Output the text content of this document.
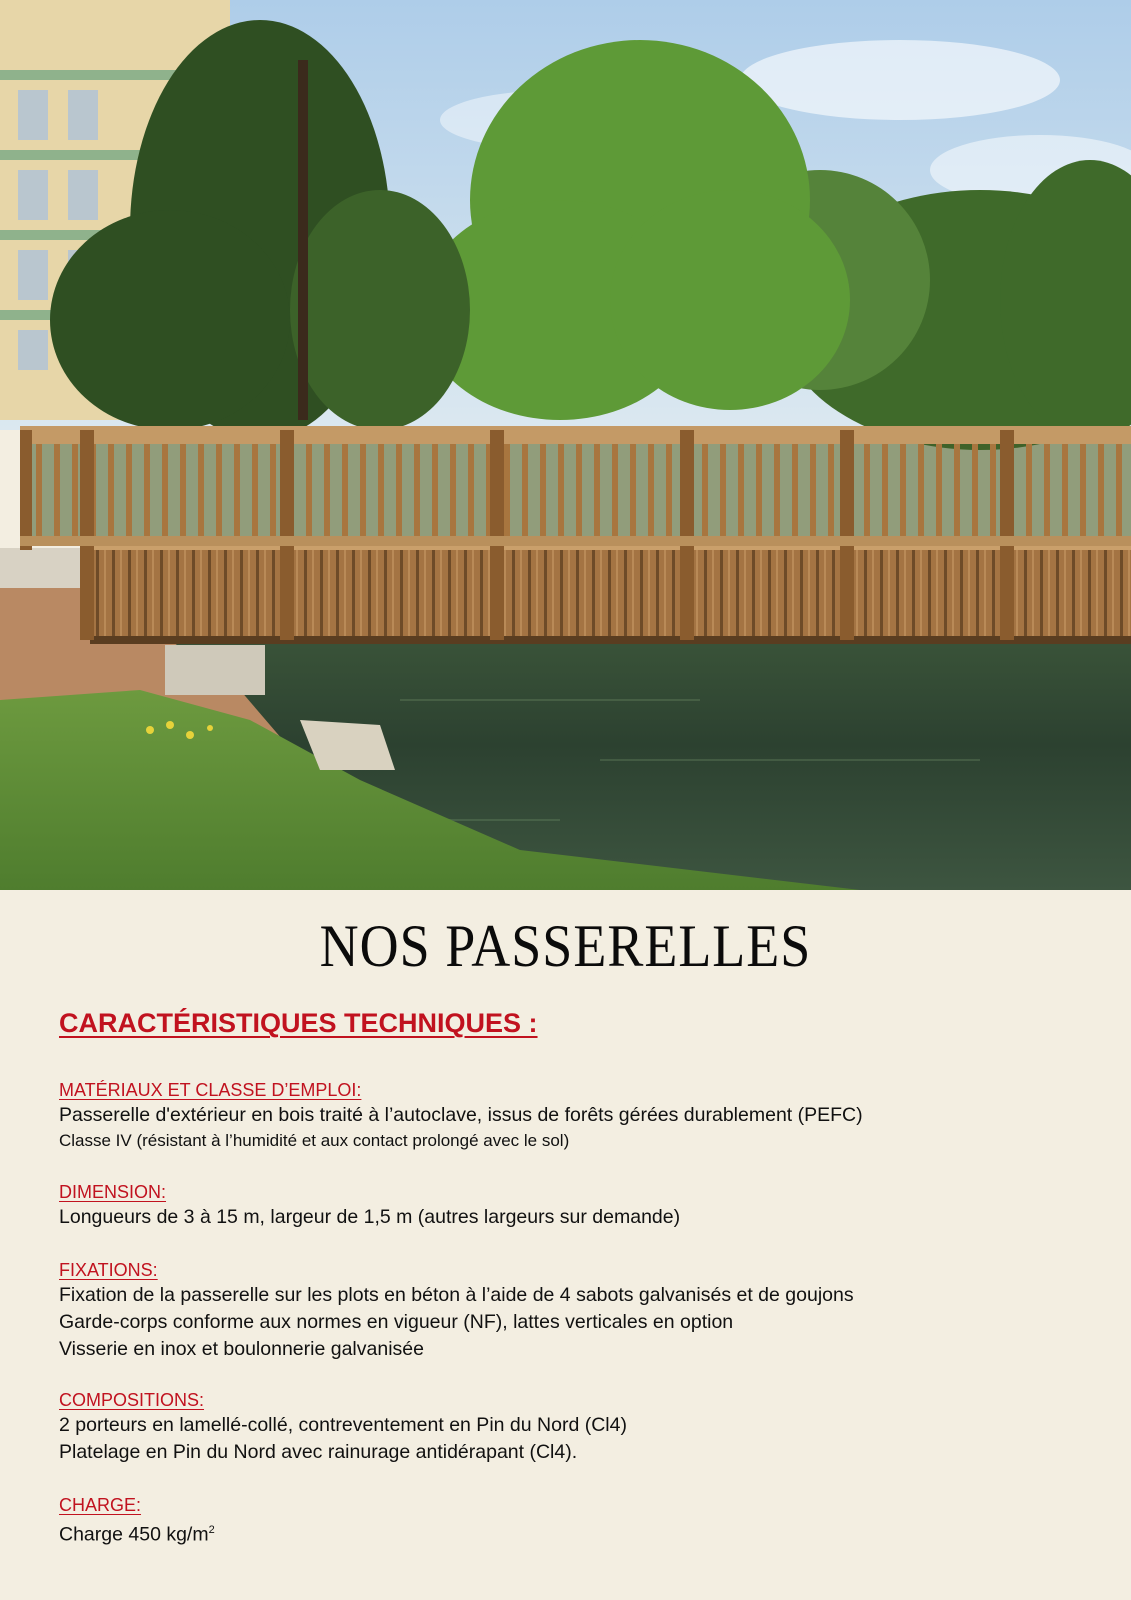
NOS PASSERELLES
CARACTÉRISTIQUES TECHNIQUES :

MATÉRIAUX ET CLASSE D’EMPLOI:

Passerelle d'extérieur en bois traité à l’autoclave, issus de forêts gérées durablement (PEFC)

Classe IV (résistant à l’humidité et aux contact prolongé avec le sol)

DIMENSION:

Longueurs de 3 à 15 m, largeur de 1,5 m (autres largeurs sur demande)

FIXATIONS:

Fixation de la passerelle sur les plots en béton à l’aide de 4 sabots galvanisés et de goujons

Garde-corps conforme aux normes en vigueur (NF), lattes verticales en option

Visserie en inox et boulonnerie galvanisée

COMPOSITIONS:

2 porteurs en lamellé-collé, contreventement en Pin du Nord (Cl4)

Platelage en Pin du Nord avec rainurage antidérapant (Cl4).

CHARGE:

Charge 450 $kg/m^2$
